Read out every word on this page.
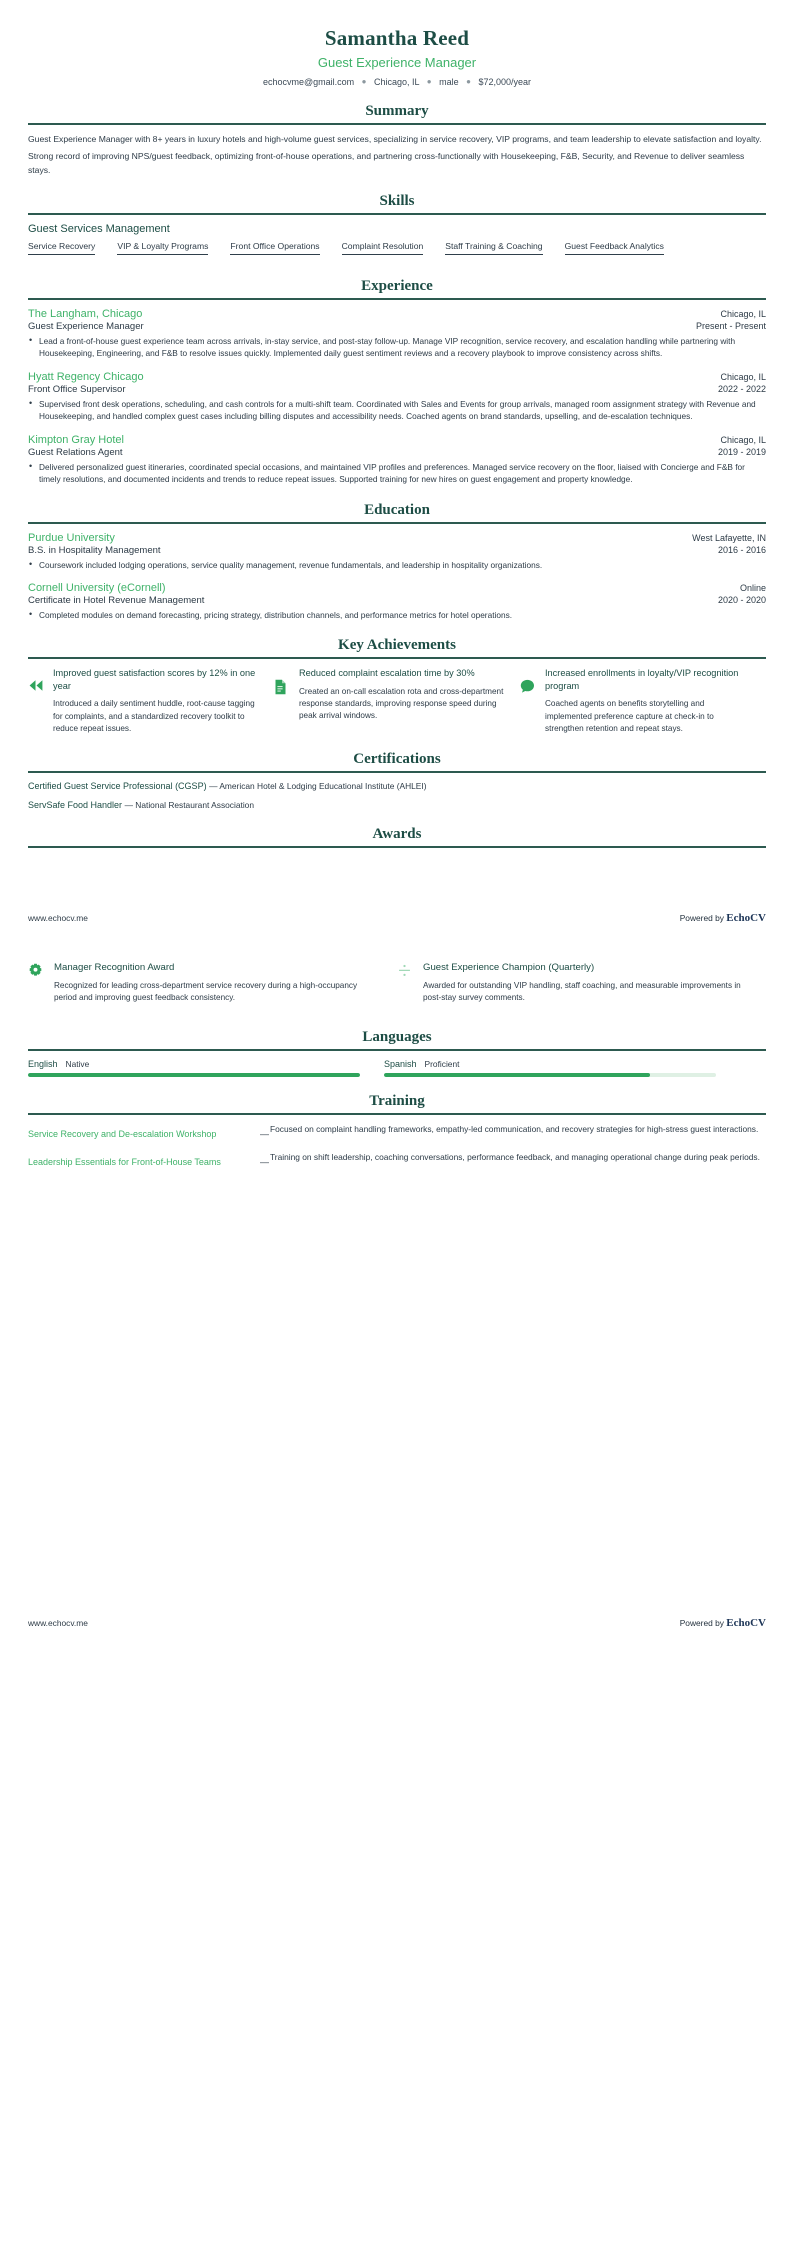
Samantha Reed
Guest Experience Manager
echocvme@gmail.com ● Chicago, IL ● male ● $72,000/year
Summary
Guest Experience Manager with 8+ years in luxury hotels and high-volume guest services, specializing in service recovery, VIP programs, and team leadership to elevate satisfaction and loyalty.
Strong record of improving NPS/guest feedback, optimizing front-of-house operations, and partnering cross-functionally with Housekeeping, F&B, Security, and Revenue to deliver seamless stays.
Skills
Guest Services Management
Service Recovery	VIP & Loyalty Programs	Front Office Operations	Complaint Resolution	Staff Training & Coaching	Guest Feedback Analytics
Experience
The Langham, Chicago	Chicago, IL
Guest Experience Manager	Present - Present
• Lead a front-of-house guest experience team across arrivals, in-stay service, and post-stay follow-up. Manage VIP recognition, service recovery, and escalation handling while partnering with Housekeeping, Engineering, and F&B to resolve issues quickly. Implemented daily guest sentiment reviews and a recovery playbook to improve consistency across shifts.
Hyatt Regency Chicago	Chicago, IL
Front Office Supervisor	2022 - 2022
• Supervised front desk operations, scheduling, and cash controls for a multi-shift team. Coordinated with Sales and Events for group arrivals, managed room assignment strategy with Revenue and Housekeeping, and handled complex guest cases including billing disputes and accessibility needs. Coached agents on brand standards, upselling, and de-escalation techniques.
Kimpton Gray Hotel	Chicago, IL
Guest Relations Agent	2019 - 2019
• Delivered personalized guest itineraries, coordinated special occasions, and maintained VIP profiles and preferences. Managed service recovery on the floor, liaised with Concierge and F&B for timely resolutions, and documented incidents and trends to reduce repeat issues. Supported training for new hires on guest engagement and property knowledge.
Education
Purdue University	West Lafayette, IN
B.S. in Hospitality Management	2016 - 2016
• Coursework included lodging operations, service quality management, revenue fundamentals, and leadership in hospitality organizations.
Cornell University (eCornell)	Online
Certificate in Hotel Revenue Management	2020 - 2020
• Completed modules on demand forecasting, pricing strategy, distribution channels, and performance metrics for hotel operations.
Key Achievements
Improved guest satisfaction scores by 12% in one year
Introduced a daily sentiment huddle, root-cause tagging for complaints, and a standardized recovery toolkit to reduce repeat issues.
Reduced complaint escalation time by 30%
Created an on-call escalation rota and cross-department response standards, improving response speed during peak arrival windows.
Increased enrollments in loyalty/VIP recognition program
Coached agents on benefits storytelling and implemented preference capture at check-in to strengthen retention and repeat stays.
Certifications
Certified Guest Service Professional (CGSP) — American Hotel & Lodging Educational Institute (AHLEI)
ServSafe Food Handler — National Restaurant Association
Awards
www.echocv.me	Powered by EchoCV
Manager Recognition Award
Recognized for leading cross-department service recovery during a high-occupancy period and improving guest feedback consistency.
Guest Experience Champion (Quarterly)
Awarded for outstanding VIP handling, staff coaching, and measurable improvements in post-stay survey comments.
Languages
English Native	Spanish Proficient
Training
Service Recovery and De-escalation Workshop	— Focused on complaint handling frameworks, empathy-led communication, and recovery strategies for high-stress guest interactions.
Leadership Essentials for Front-of-House Teams	— Training on shift leadership, coaching conversations, performance feedback, and managing operational change during peak periods.
www.echocv.me	Powered by EchoCV
